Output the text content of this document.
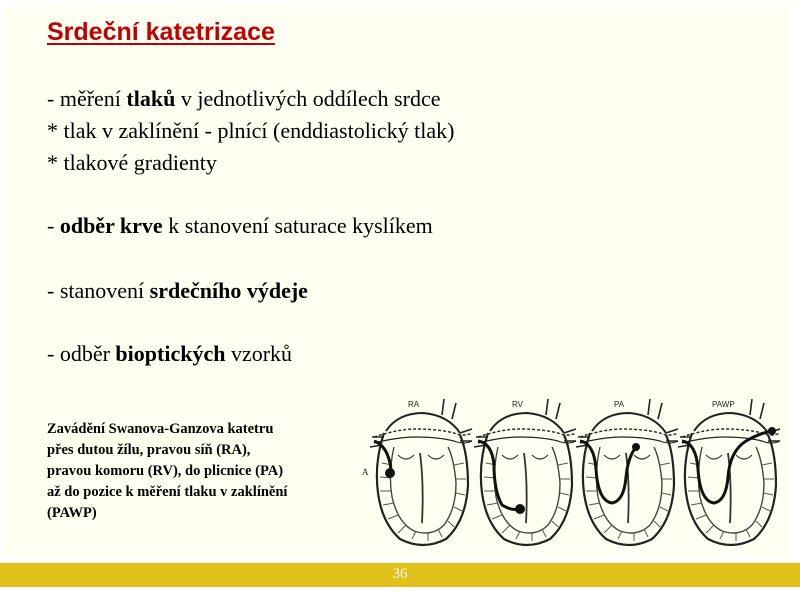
Srdeční katetrizace
- měření tlaků v jednotlivých oddílech srdce
* tlak v zaklínění - plnící (enddiastolický tlak)
* tlakové gradienty
- odběr krve k stanovení saturace kyslíkem
- stanovení srdečního výdeje
- odběr bioptických vzorků
Zavádění Swanova-Ganzova katetru
přes dutou žílu, pravou síň (RA),
pravou komoru (RV), do plicnice (PA)
až do pozice k měření tlaku v zaklínění
(PAWP)
RA	RV	PA	PAWP
A
36
